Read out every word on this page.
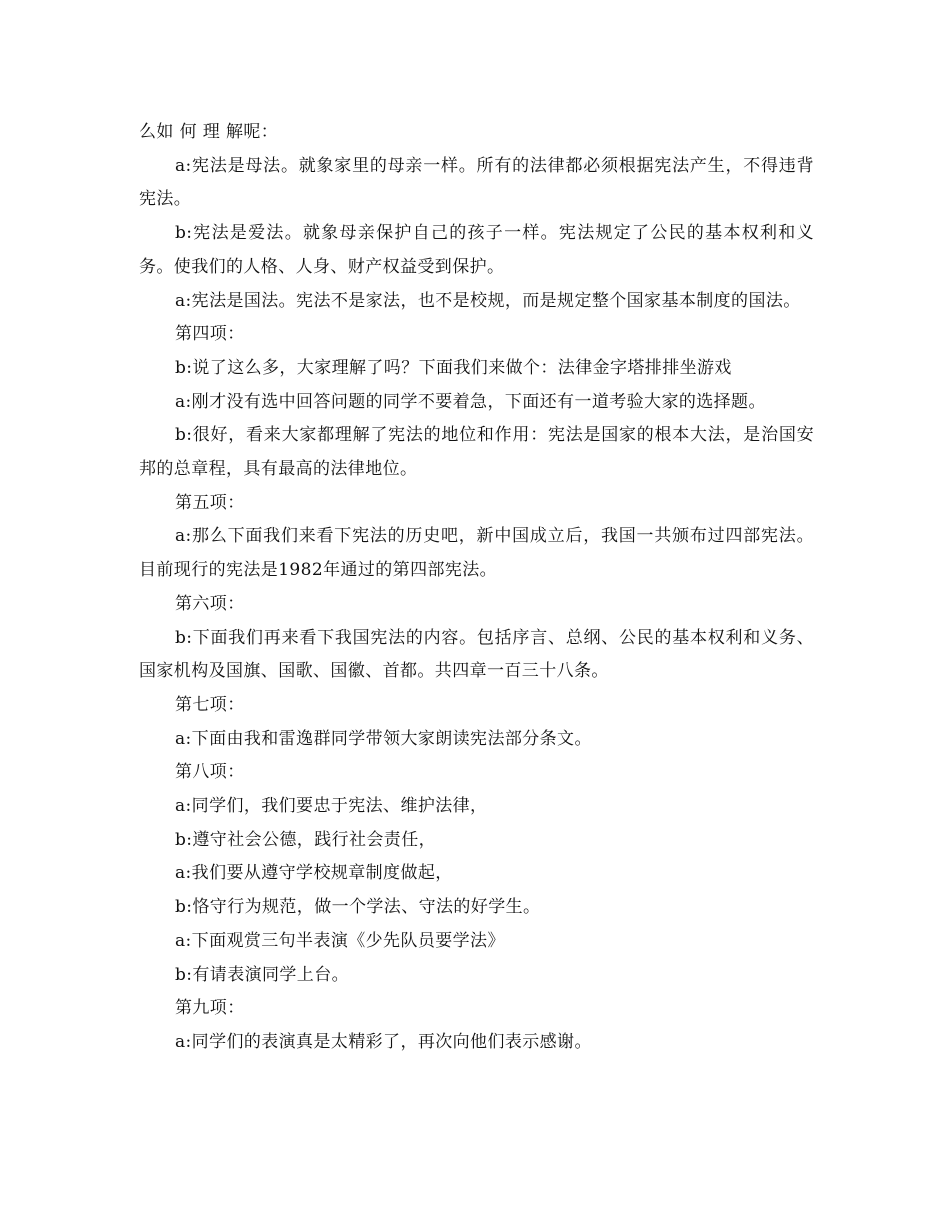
么如 何 理 解呢：

a:宪法是母法。就象家里的母亲一样。所有的法律都必须根据宪法产生，不得违背宪法。

b:宪法是爱法。就象母亲保护自己的孩子一样。宪法规定了公民的基本权利和义务。使我们的人格、人身、财产权益受到保护。

a:宪法是国法。宪法不是家法，也不是校规，而是规定整个国家基本制度的国法。

第四项：

b:说了这么多，大家理解了吗？下面我们来做个：法律金字塔排排坐游戏

a:刚才没有选中回答问题的同学不要着急，下面还有一道考验大家的选择题。

b:很好，看来大家都理解了宪法的地位和作用：宪法是国家的根本大法，是治国安邦的总章程，具有最高的法律地位。

第五项：

a:那么下面我们来看下宪法的历史吧，新中国成立后，我国一共颁布过四部宪法。目前现行的宪法是1982年通过的第四部宪法。

第六项：

b:下面我们再来看下我国宪法的内容。包括序言、总纲、公民的基本权利和义务、国家机构及国旗、国歌、国徽、首都。共四章一百三十八条。

第七项：

a:下面由我和雷逸群同学带领大家朗读宪法部分条文。

第八项：

a:同学们，我们要忠于宪法、维护法律，

b:遵守社会公德，践行社会责任，

a:我们要从遵守学校规章制度做起，

b:恪守行为规范，做一个学法、守法的好学生。

a:下面观赏三句半表演《少先队员要学法》

b:有请表演同学上台。

第九项：

a:同学们的表演真是太精彩了，再次向他们表示感谢。
